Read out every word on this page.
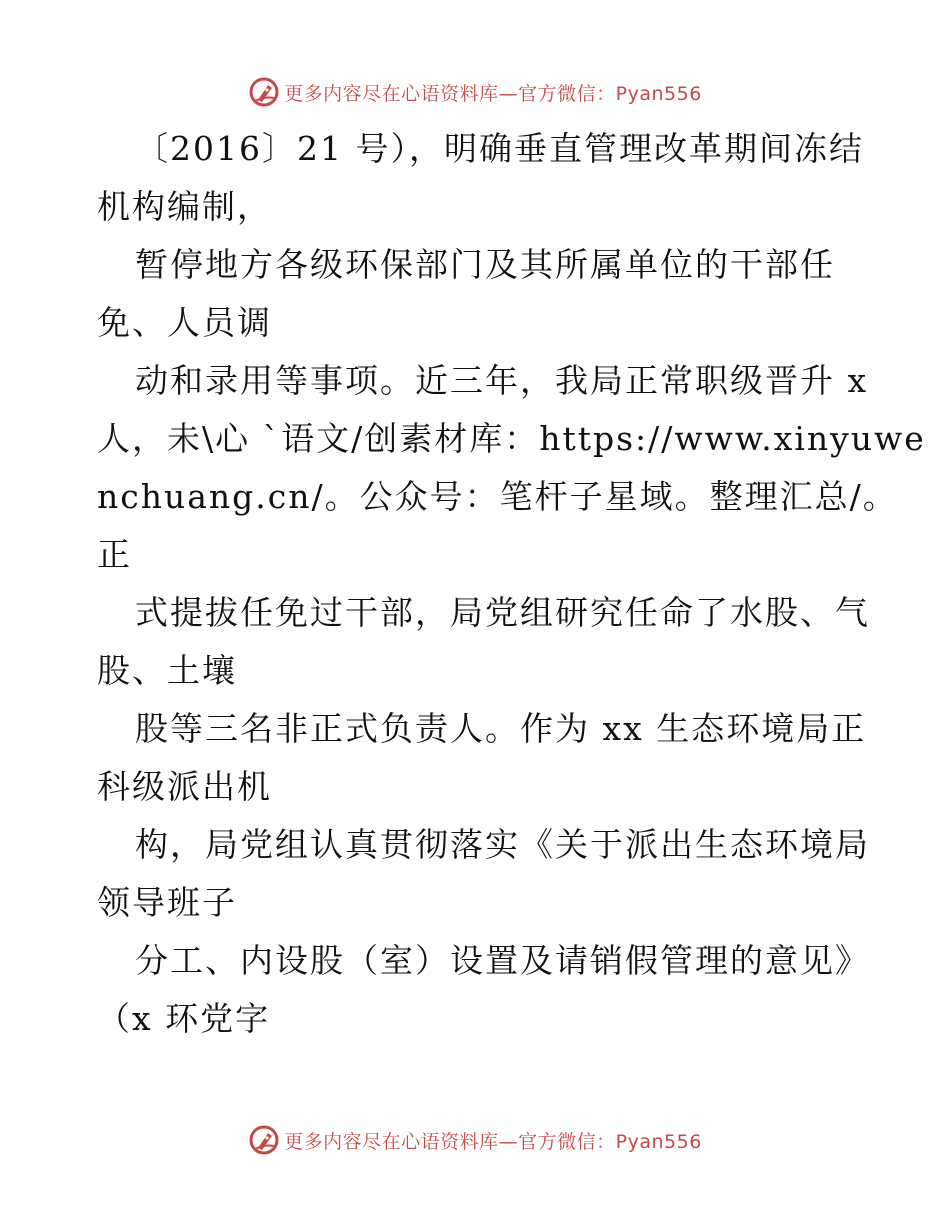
更多内容尽在心语资料库—官方微信：Pyan556
〔2016〕21 号），明确垂直管理改革期间冻结
机构编制，
暂停地方各级环保部门及其所属单位的干部任
免、人员调
动和录用等事项。近三年，我局正常职级晋升 x
人，未\心 `语文/创素材库：https://www.xinyuwe
nchuang.cn/。公众号：笔杆子星域。整理汇总/。
正
式提拔任免过干部，局党组研究任命了水股、气
股、土壤
股等三名非正式负责人。作为 xx 生态环境局正
科级派出机
构，局党组认真贯彻落实《关于派出生态环境局
领导班子
分工、内设股（室）设置及请销假管理的意见》
（x 环党字
更多内容尽在心语资料库—官方微信：Pyan556
